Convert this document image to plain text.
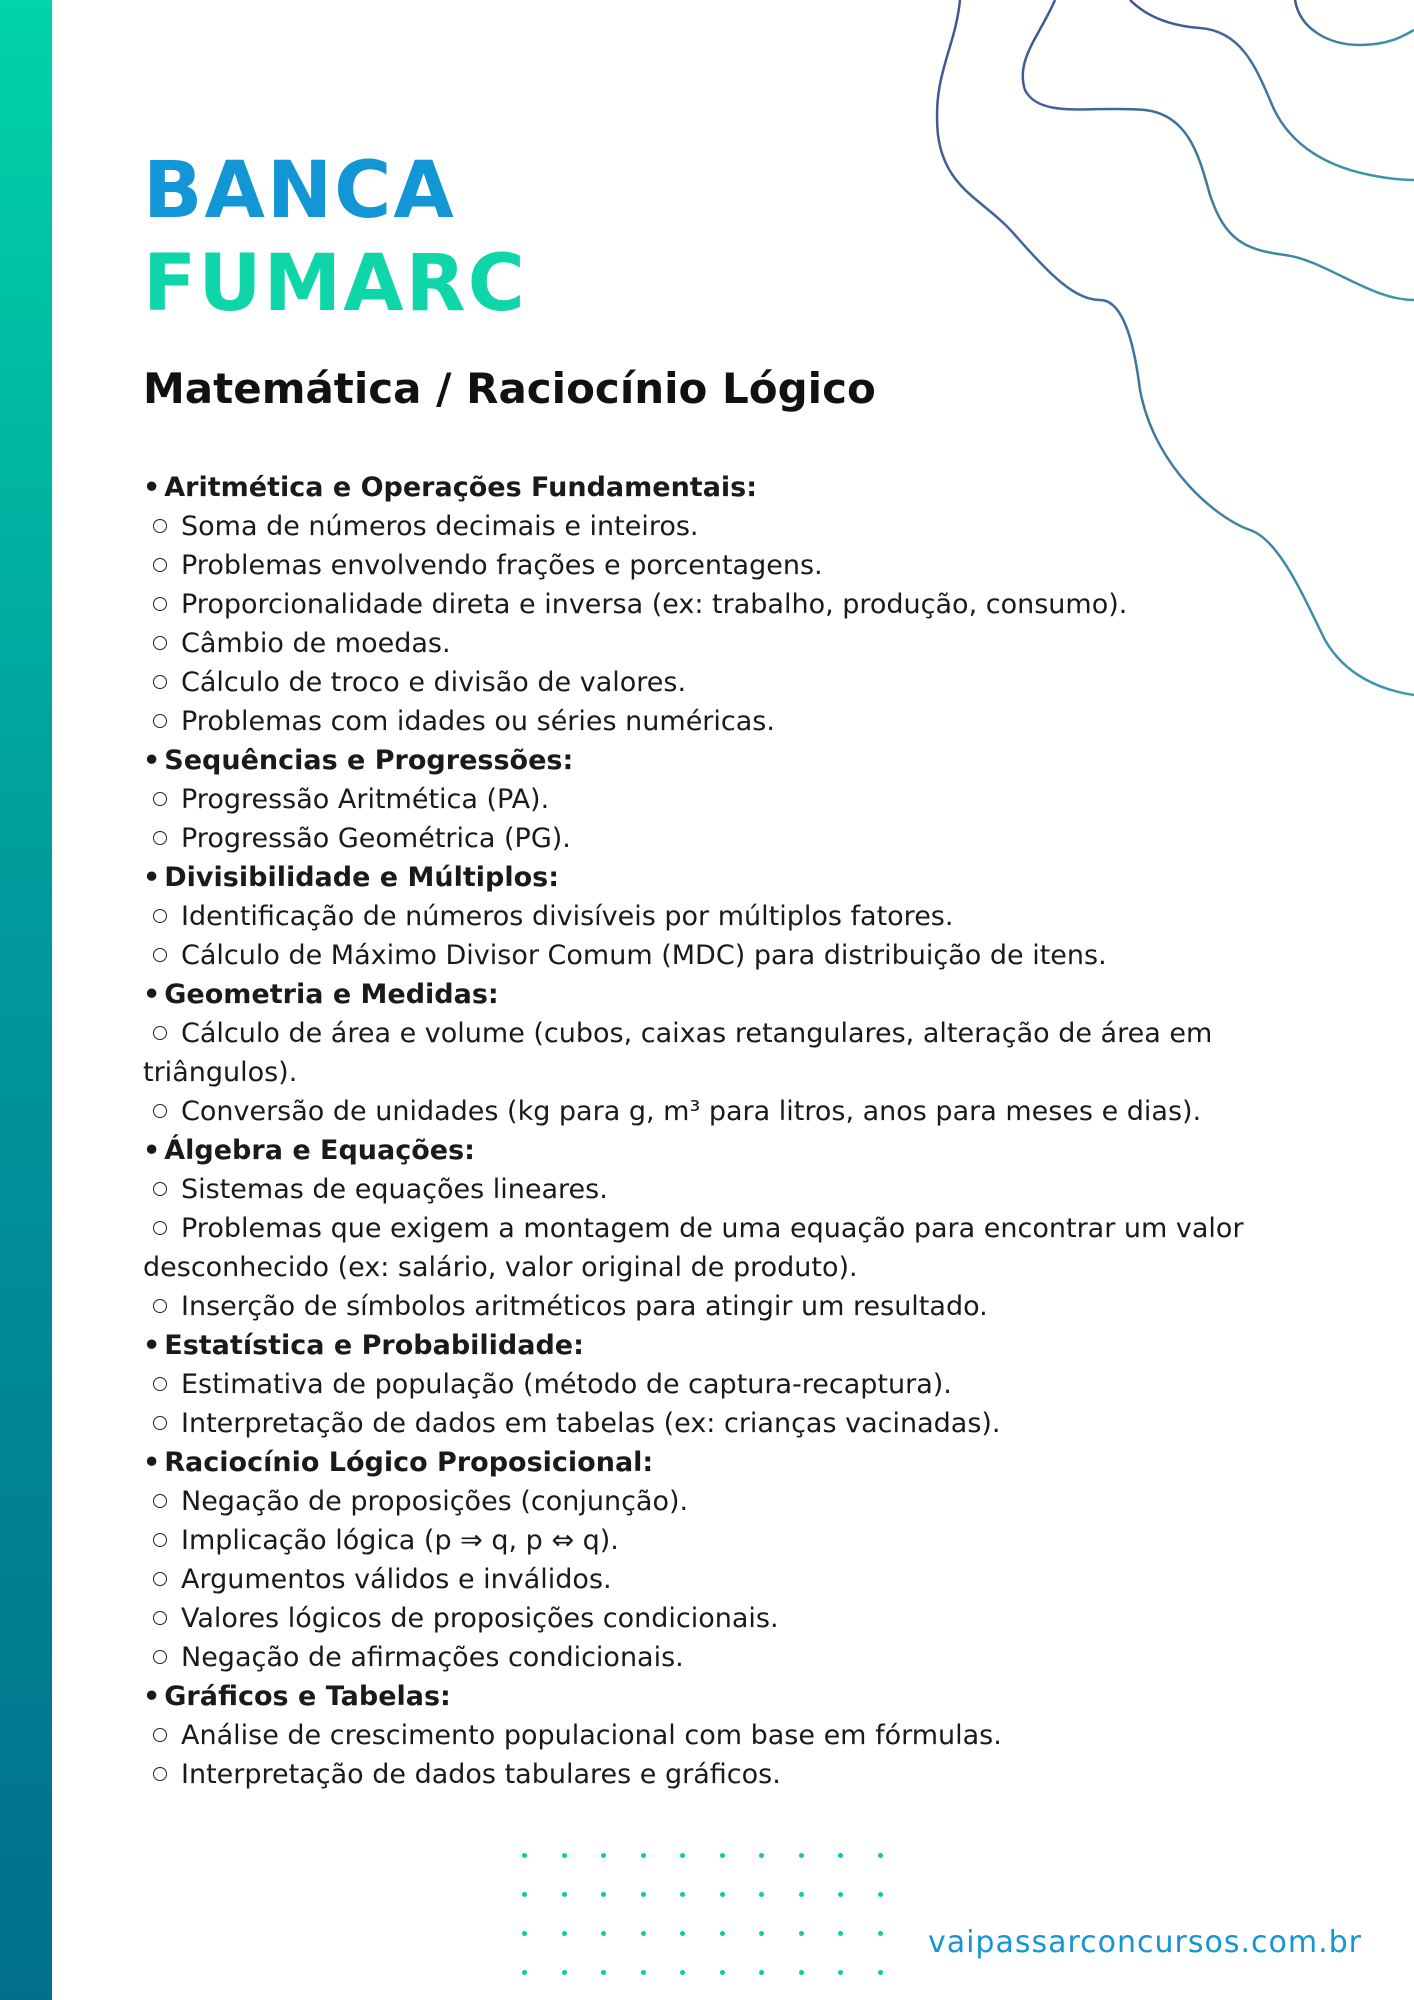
BANCA
FUMARC
Matemática / Raciocínio Lógico

• Aritmética e Operações Fundamentais:

Soma de números decimais e inteiros.

Problemas envolvendo frações e porcentagens.

Proporcionalidade direta e inversa (ex: trabalho, produção, consumo).

Câmbio de moedas.

Cálculo de troco e divisão de valores.

Problemas com idades ou séries numéricas.

• Sequências e Progressões:

Progressão Aritmética (PA).

Progressão Geométrica (PG).

• Divisibilidade e Múltiplos:

Identificação de números divisíveis por múltiplos fatores.

Cálculo de Máximo Divisor Comum (MDC) para distribuição de itens.

• Geometria e Medidas:

Cálculo de área e volume (cubos, caixas retangulares, alteração de área em triângulos).

Conversão de unidades (kg para g, m³ para litros, anos para meses e dias).

• Álgebra e Equações:

Sistemas de equações lineares.

Problemas que exigem a montagem de uma equação para encontrar um valor desconhecido (ex: salário, valor original de produto).

Inserção de símbolos aritméticos para atingir um resultado.

• Estatística e Probabilidade:

Estimativa de população (método de captura-recaptura).

Interpretação de dados em tabelas (ex: crianças vacinadas).

• Raciocínio Lógico Proposicional:

Negação de proposições (conjunção).

Implicação lógica (p ⇒ q, p ⇔ q).

Argumentos válidos e inválidos.

Valores lógicos de proposições condicionais.

Negação de afirmações condicionais.

• Gráficos e Tabelas:

Análise de crescimento populacional com base em fórmulas.

Interpretação de dados tabulares e gráficos.

vaipassarconcursos.com.br
